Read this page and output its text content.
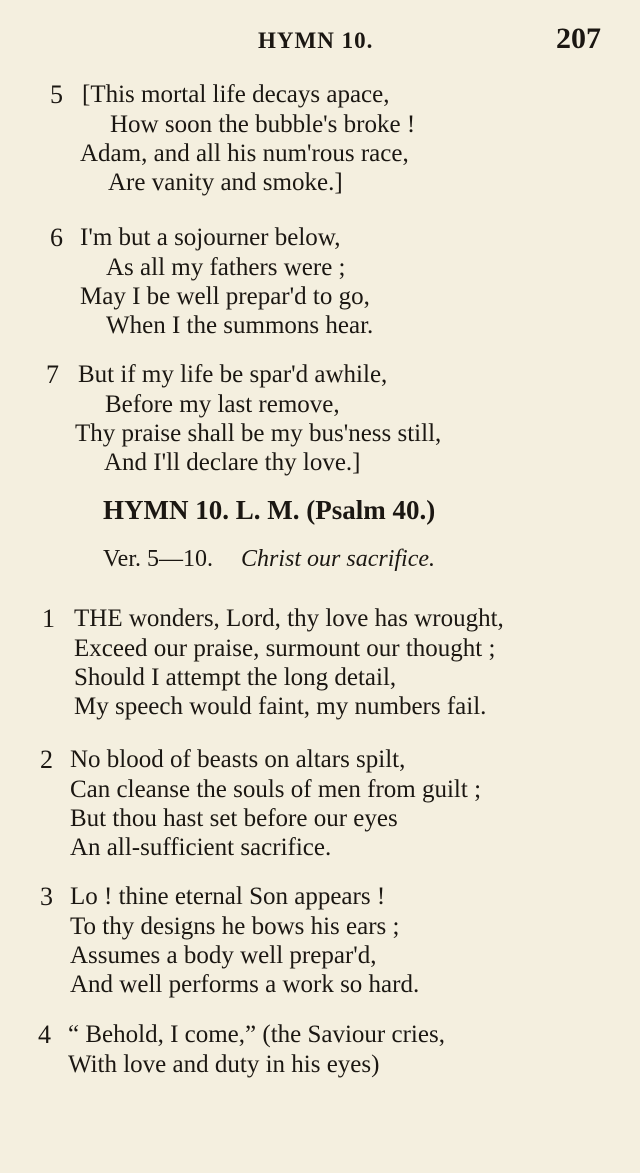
HYMN 10.	207
5 [This mortal life decays apace,
How soon the bubble's broke !
Adam, and all his num'rous race,
Are vanity and smoke.]
6 I'm but a sojourner below,
As all my fathers were ;
May I be well prepar'd to go,
When I the summons hear.
7 But if my life be spar'd awhile,
Before my last remove,
Thy praise shall be my bus'ness still,
And I'll declare thy love.]
HYMN 10. L. M. (Psalm 40.)
Ver. 5—10. Christ our sacrifice.
1 THE wonders, Lord, thy love has wrought,
Exceed our praise, surmount our thought ;
Should I attempt the long detail,
My speech would faint, my numbers fail.
2 No blood of beasts on altars spilt,
Can cleanse the souls of men from guilt ;
But thou hast set before our eyes
An all-sufficient sacrifice.
3 Lo ! thine eternal Son appears !
To thy designs he bows his ears ;
Assumes a body well prepar'd,
And well performs a work so hard.
4 “ Behold, I come,” (the Saviour cries,
With love and duty in his eyes)
